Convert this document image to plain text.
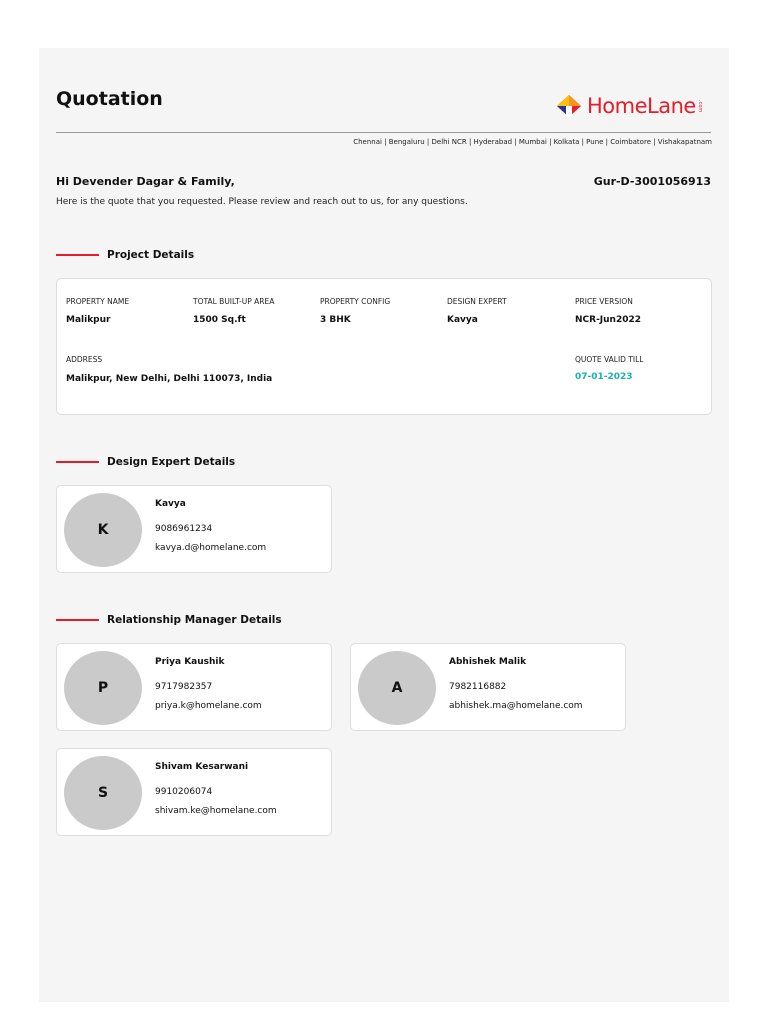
Quotation	HomeLane .com
Chennai | Bengaluru | Delhi NCR | Hyderabad | Mumbai | Kolkata | Pune | Coimbatore | Vishakapatnam
Hi Devender Dagar & Family,	Gur-D-3001056913
Here is the quote that you requested. Please review and reach out to us, for any questions.
Project Details
PROPERTY NAME
Malikpur
TOTAL BUILT-UP AREA
1500 Sq.ft
PROPERTY CONFIG
3 BHK
DESIGN EXPERT
Kavya
PRICE VERSION
NCR-Jun2022
ADDRESS
Malikpur, New Delhi, Delhi 110073, India
QUOTE VALID TILL
07-01-2023
Design Expert Details
K
Kavya
9086961234
kavya.d@homelane.com
Relationship Manager Details
P
Priya Kaushik
9717982357
priya.k@homelane.com
A
Abhishek Malik
7982116882
abhishek.ma@homelane.com
S
Shivam Kesarwani
9910206074
shivam.ke@homelane.com
